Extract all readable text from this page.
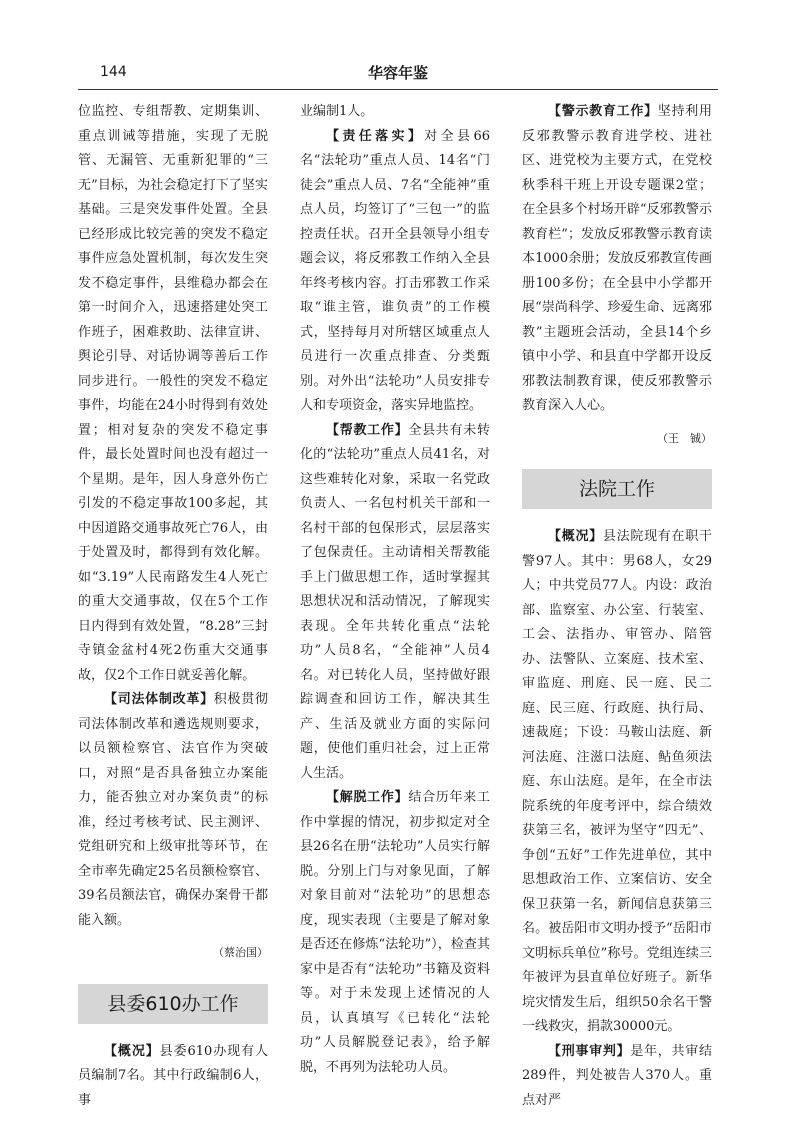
144	华容年鉴

位监控、专组帮教、定期集训、重点训诫等措施，实现了无脱管、无漏管、无重新犯罪的“三无”目标，为社会稳定打下了坚实基础。三是突发事件处置。全县已经形成比较完善的突发不稳定事件应急处置机制，每次发生突发不稳定事件，县维稳办都会在第一时间介入，迅速搭建处突工作班子，困难救助、法律宣讲、舆论引导、对话协调等善后工作同步进行。一般性的突发不稳定事件，均能在24小时得到有效处置；相对复杂的突发不稳定事件，最长处置时间也没有超过一个星期。是年，因人身意外伤亡引发的不稳定事故100多起，其中因道路交通事故死亡76人，由于处置及时，都得到有效化解。如“3.19”人民南路发生4人死亡的重大交通事故，仅在5个工作日内得到有效处置，“8.28”三封寺镇金盆村4死2伤重大交通事故，仅2个工作日就妥善化解。

【司法体制改革】积极贯彻司法体制改革和遴选规则要求，以员额检察官、法官作为突破口，对照“是否具备独立办案能力，能否独立对办案负责”的标准，经过考核考试、民主测评、党组研究和上级审批等环节，在全市率先确定25名员额检察官、39名员额法官，确保办案骨干都能入额。

（蔡治国）
县委610办工作

【概况】县委610办现有人员编制7名。其中行政编制6人，事

业编制1人。

【责任落实】对全县66名“法轮功”重点人员、14名“门徒会”重点人员、7名“全能神”重点人员，均签订了“三包一”的监控责任状。召开全县领导小组专题会议，将反邪教工作纳入全县年终考核内容。打击邪教工作采取“谁主管，谁负责”的工作模式，坚持每月对所辖区域重点人员进行一次重点排查、分类甄别。对外出“法轮功”人员安排专人和专项资金，落实异地监控。

【帮教工作】全县共有未转化的“法轮功”重点人员41名，对这些难转化对象，采取一名党政负责人、一名包村机关干部和一名村干部的包保形式，层层落实了包保责任。主动请相关帮教能手上门做思想工作，适时掌握其思想状况和活动情况，了解现实表现。全年共转化重点“法轮功”人员8名，“全能神”人员4名。对已转化人员，坚持做好跟踪调查和回访工作，解决其生产、生活及就业方面的实际问题，使他们重归社会，过上正常人生活。

【解脱工作】结合历年来工作中掌握的情况，初步拟定对全县26名在册“法轮功”人员实行解脱。分别上门与对象见面，了解对象目前对“法轮功”的思想态度，现实表现（主要是了解对象是否还在修炼“法轮功”），检查其家中是否有“法轮功”书籍及资料等。对于未发现上述情况的人员，认真填写《已转化“法轮功”人员解脱登记表》，给予解脱，不再列为法轮功人员。

【警示教育工作】坚持利用反邪教警示教育进学校、进社区、进党校为主要方式，在党校秋季科干班上开设专题课2堂；在全县多个村场开辟“反邪教警示教育栏”；发放反邪教警示教育读本1000余册；发放反邪教宣传画册100多份；在全县中小学都开展“崇尚科学、珍爱生命、远离邪教”主题班会活动，全县14个乡镇中小学、和县直中学都开设反邪教法制教育课，使反邪教警示教育深入人心。

（王　铖）
法院工作

【概况】县法院现有在职干警97人。其中：男68人，女29人；中共党员77人。内设：政治部、监察室、办公室、行装室、工会、法指办、审管办、陪管办、法警队、立案庭、技术室、审监庭、刑庭、民一庭、民二庭、民三庭、行政庭、执行局、速裁庭；下设：马鞍山法庭、新河法庭、注滋口法庭、鲇鱼须法庭、东山法庭。是年，在全市法院系统的年度考评中，综合绩效获第三名，被评为坚守“四无”、争创“五好”工作先进单位，其中思想政治工作、立案信访、安全保卫获第一名，新闻信息获第三名。被岳阳市文明办授予“岳阳市文明标兵单位”称号。党组连续三年被评为县直单位好班子。新华垸灾情发生后，组织50余名干警一线救灾，捐款30000元。

【刑事审判】是年，共审结289件，判处被告人370人。重点对严
